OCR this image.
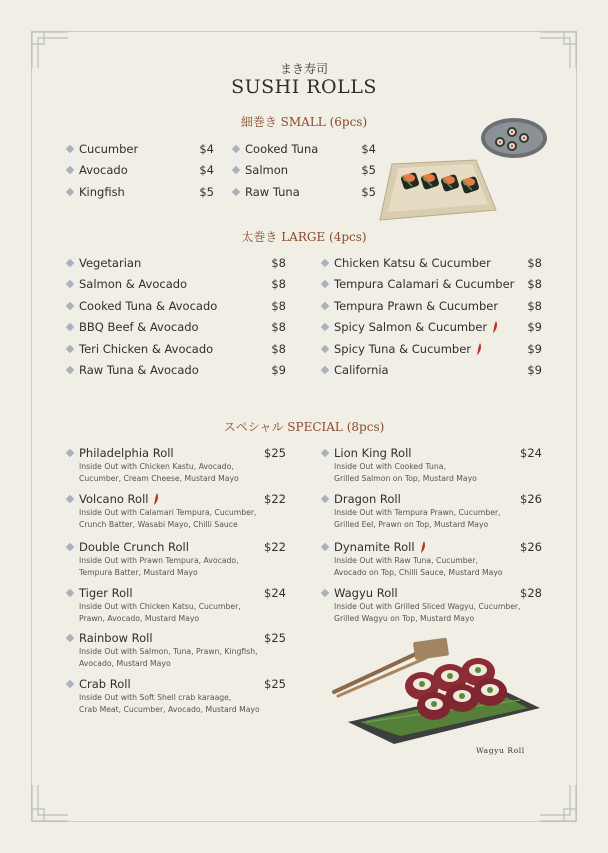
まき寿司
SUSHI ROLLS
細巻き SMALL (6pcs)
太巻き LARGE (4pcs)
スペシャル SPECIAL (8pcs)
Cucumber	$4
Avocado	$4
Kingfish	$5
Cooked Tuna	$4
Salmon	$5
Raw Tuna	$5
Vegetarian	$8
Salmon & Avocado	$8
Cooked Tuna & Avocado	$8
BBQ Beef & Avocado	$8
Teri Chicken & Avocado	$8
Raw Tuna & Avocado	$9
Chicken Katsu & Cucumber	$8
Tempura Calamari & Cucumber $8
Tempura Prawn & Cucumber	$8
Spicy Salmon & Cucumber	$9
Spicy Tuna & Cucumber	$9
California	$9
Philadelphia Roll	$25
Inside Out with Chicken Kastu, Avocado,
Cucumber, Cream Cheese, Mustard Mayo
Volcano Roll	$22
Inside Out with Calamari Tempura, Cucumber,
Crunch Batter, Wasabi Mayo, Chilli Sauce
Double Crunch Roll	$22
Inside Out with Prawn Tempura, Avocado,
Tempura Batter, Mustard Mayo
Tiger Roll	$24
Inside Out with Chicken Katsu, Cucumber,
Prawn, Avocado, Mustard Mayo
Rainbow Roll	$25
Inside Out with Salmon, Tuna, Prawn, Kingfish,
Avocado, Mustard Mayo
Crab Roll	$25
Inside Out with Soft Shell crab karaage,
Crab Meat, Cucumber, Avocado, Mustard Mayo
Lion King Roll	$24
Inside Out with Cooked Tuna,
Grilled Salmon on Top, Mustard Mayo
Dragon Roll	$26
Inside Out with Tempura Prawn, Cucumber,
Grilled Eel, Prawn on Top, Mustard Mayo
Dynamite Roll	$26
Inside Out with Raw Tuna, Cucumber,
Avocado on Top, Chilli Sauce, Mustard Mayo
Wagyu Roll	$28
Inside Out with Grilled Sliced Wagyu, Cucumber,
Grilled Wagyu on Top, Mustard Mayo
Wagyu Roll
